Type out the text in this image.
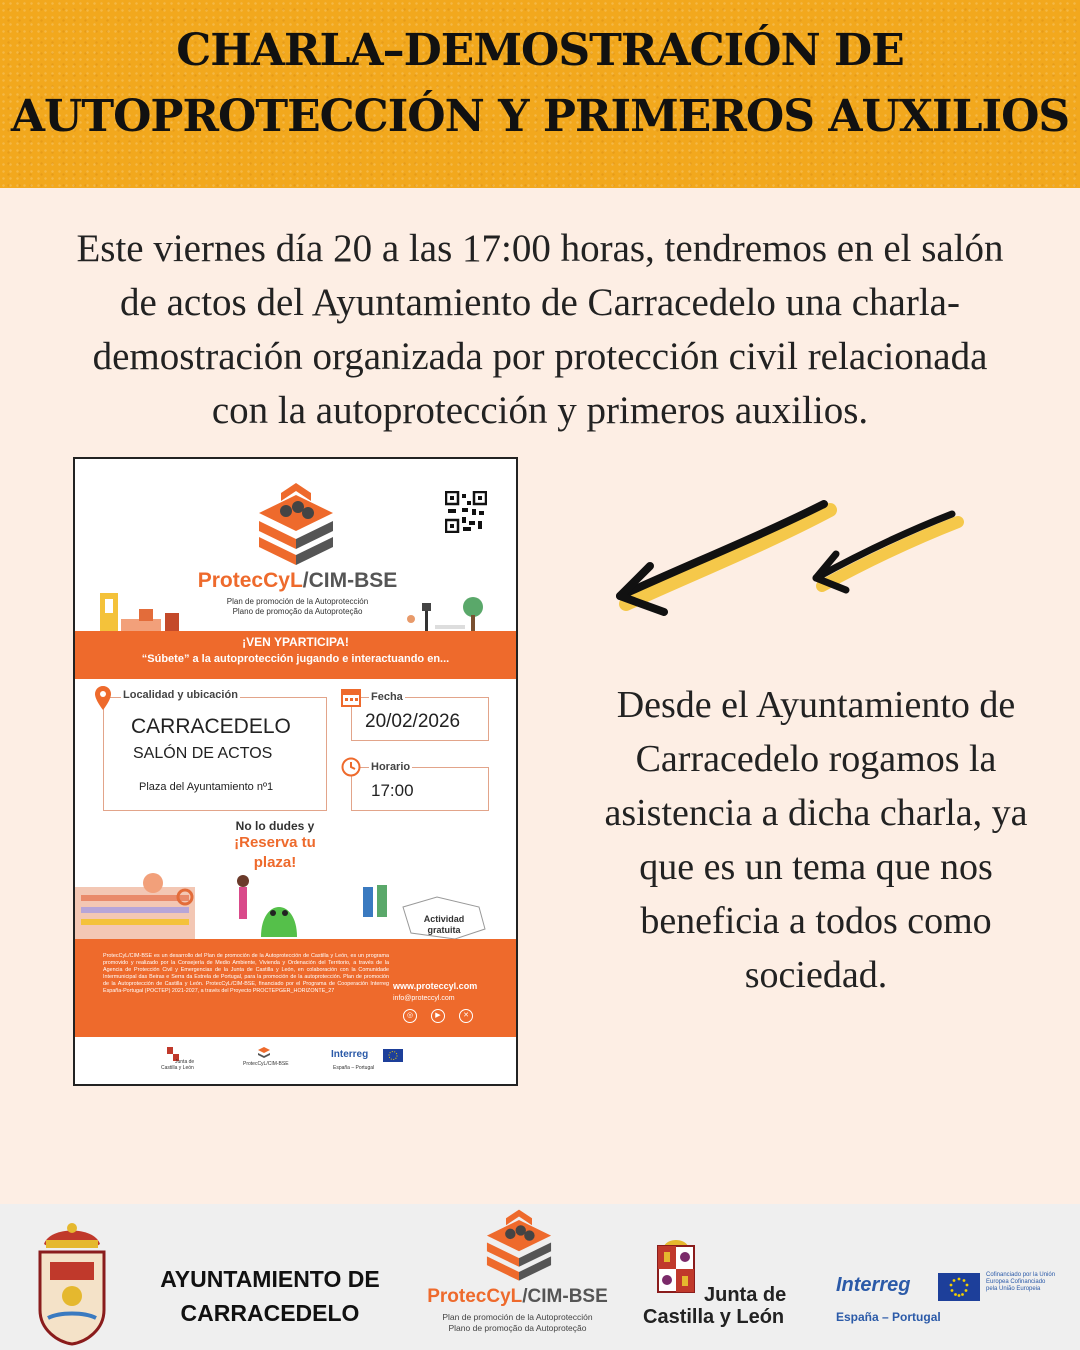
CHARLA–DEMOSTRACIÓN DE
AUTOPROTECCIÓN Y PRIMEROS AUXILIOS

Este viernes día 20 a las 17:00 horas, tendremos en el salón de actos del Ayuntamiento de Carracedelo una charla-demostración organizada por protección civil relacionada con la autoprotección y primeros auxilios.

ProtecCyL/CIM-BSE
Plan de promoción de la Autoprotección
Plano de promoção da Autoproteção
¡VEN YPARTICIPA!
“Súbete” a la autoprotección jugando e interactuando en...
Localidad y ubicación
CARRACEDELO
SALÓN DE ACTOS
Plaza del Ayuntamiento nº1
Fecha
20/02/2026
Horario
17:00
No lo dudes y
¡Reserva tu
plaza!
Actividad
gratuita
ProtecCyL/CIM-BSE es un desarrollo del Plan de promoción de la Autoprotección de Castilla y León, es un programa promovido y realizado por la Consejería de Medio Ambiente, Vivienda y Ordenación del Territorio, a través de la Agencia de Protección Civil y Emergencias de la Junta de Castilla y León, en colaboración con la Comunidade Intermunicipal das Beiras e Serra da Estrela de Portugal, para la promoción de la autoprotección. Plan de promoción de la Autoprotección de Castilla y León. ProtecCyL/CIM-BSE, financiado por el Programa de Cooperación Interreg España-Portugal (POCTEP) 2021-2027, a través del Proyecto PROCTEPGER_HORIZONTE_27	www.proteccyl.com
info@proteccyl.com
◎	▶	✕
Junta de
Castilla y León
ProtecCyL/CIM-BSE
Interreg
España – Portugal

Desde el Ayuntamiento de Carracedelo rogamos la asistencia a dicha charla, ya que es un tema que nos beneficia a todos como sociedad.

AYUNTAMIENTO DE
CARRACEDELO
ProtecCyL/CIM-BSE
Plan de promoción de la Autoprotección
Plano de promoção da Autoproteção
Junta de
Castilla y León
Interreg	Cofinanciado por la Unión Europea Cofinanciado pela União Europeia
España – Portugal
